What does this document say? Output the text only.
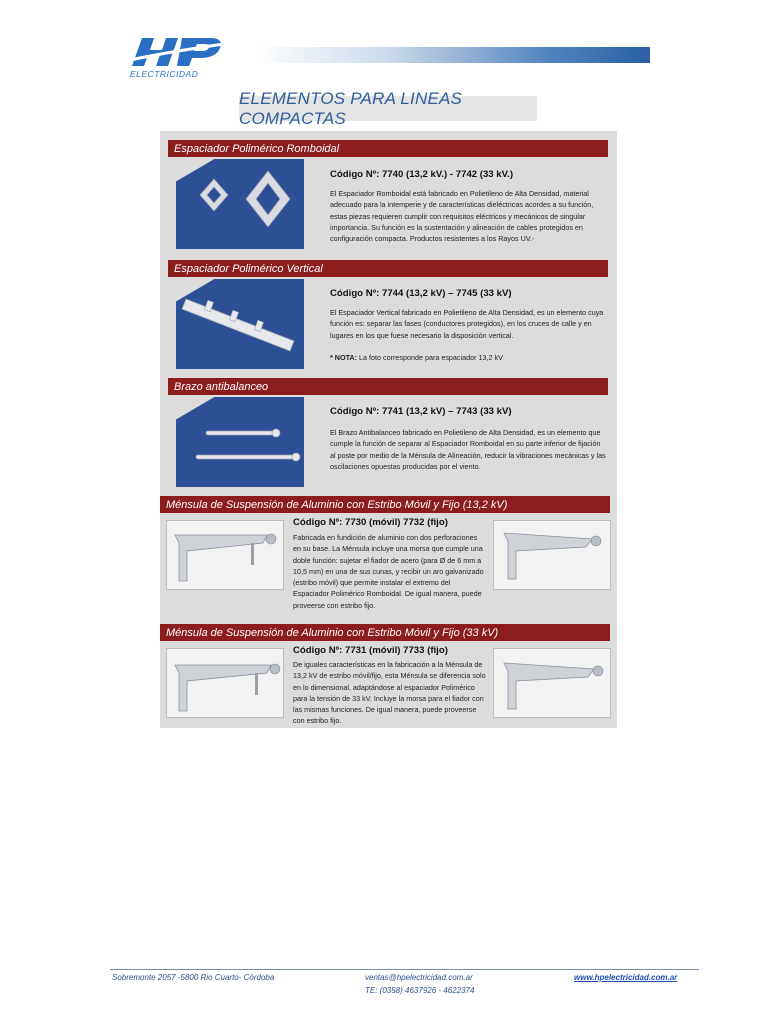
ELECTRICIDAD
ELEMENTOS PARA LINEAS COMPACTAS
Espaciador Polimérico Romboidal
Código Nº: 7740 (13,2 kV.) - 7742 (33 kV.)
El Espaciador Romboidal está fabricado en Polietileno de Alta Densidad, material adecuado para la intemperie y de características dieléctricas acordes a su función, estas piezas requieren cumplir con requisitos eléctricos y mecánicos de singular importancia. Su función es la sustentación y alineación de cables protegidos en configuración compacta. Productos resistentes a los Rayos UV.-
Espaciador Polimérico Vertical
Código Nº: 7744 (13,2 kV) – 7745 (33 kV)
El Espaciador Vertical fabricado en Polietileno de Alta Densidad, es un elemento cuya función es: separar las fases (conductores protegidos), en los cruces de calle y en lugares en los que fuese necesario la disposición vertical.
* NOTA: La foto corresponde para espaciador 13,2 kV
Brazo antibalanceo
Código Nº: 7741 (13,2 kV) – 7743 (33 kV)
El Brazo Antibalanceo fabricado en Polietileno de Alta Densidad, es un elemento que cumple la función de separar al Espaciador Romboidal en su parte inferior de fijación al poste por medio de la Ménsula de Alineación, reducir la vibraciones mecánicas y las oscilaciones opuestas producidas por el viento.
Ménsula de Suspensión de Aluminio con Estribo Móvil y Fijo (13,2 kV)
Código Nº: 7730 (móvil) 7732 (fijo)
Fabricada en fundición de aluminio con dos perforaciones en su base. La Ménsula incluye una morsa que cumple una doble función: sujetar el fiador de acero (para Ø de 6 mm a 10,5 mm) en una de sus cunas, y recibir un aro galvanizado (estribo móvil) que permite instalar el extremo del Espaciador Polimérico Romboidal. De igual manera, puede proveerse con estribo fijo.
Ménsula de Suspensión de Aluminio con Estribo Móvil y Fijo (33 kV)
Código Nº: 7731 (móvil) 7733 (fijo)
De iguales características en la fabricación a la Ménsula de 13,2 kV de estribo móvil/fijo, esta Ménsula se diferencia solo en lo dimensional, adaptándose al espaciador Polimérico para la tensión de 33 kV. Incluye la morsa para el fiador con las mismas funciones. De igual manera, puede proveerse con estribo fijo.
Sobremonte 2057 -5800 Rio Cuarto- Córdoba	ventas@hpelectricidad.com.ar
TE: (0358) 4637926 - 4622374
www.hpelectricidad.com.ar
